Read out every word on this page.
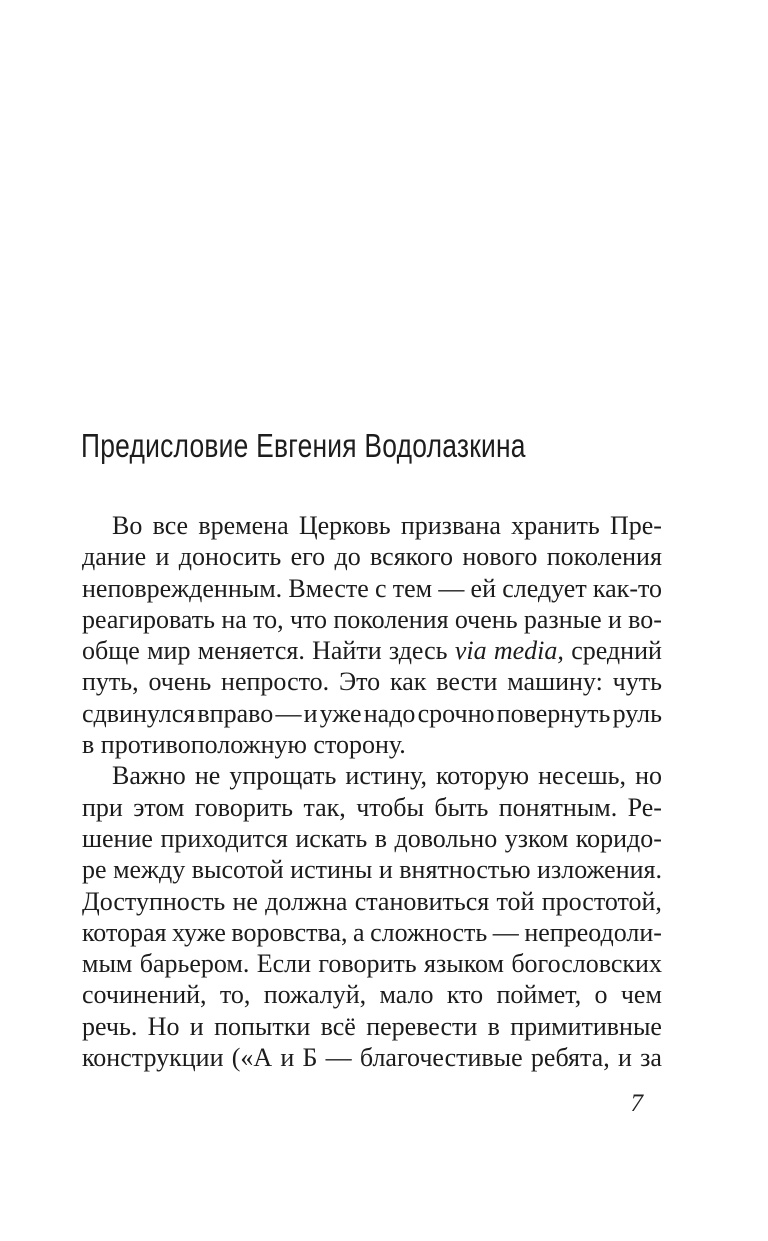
Предисловие Евгения Водолазкина
Во все времена Церковь призвана хранить Пре-
дание и доносить его до всякого нового поколения
неповрежденным. Вместе с тем — ей следует как-то
реагировать на то, что поколения очень разные и во-
обще мир меняется. Найти здесь via media, средний
путь, очень непросто. Это как вести машину: чуть
сдвинулся вправо — и уже надо срочно повернуть руль
в противоположную сторону.
Важно не упрощать истину, которую несешь, но
при этом говорить так, чтобы быть понятным. Ре-
шение приходится искать в довольно узком коридо-
ре между высотой истины и внятностью изложения.
Доступность не должна становиться той простотой,
которая хуже воровства, а сложность — непреодоли-
мым барьером. Если говорить языком богословских
сочинений, то, пожалуй, мало кто поймет, о чем
речь. Но и попытки всё перевести в примитивные
конструкции («А и Б — благочестивые ребята, и за
7
